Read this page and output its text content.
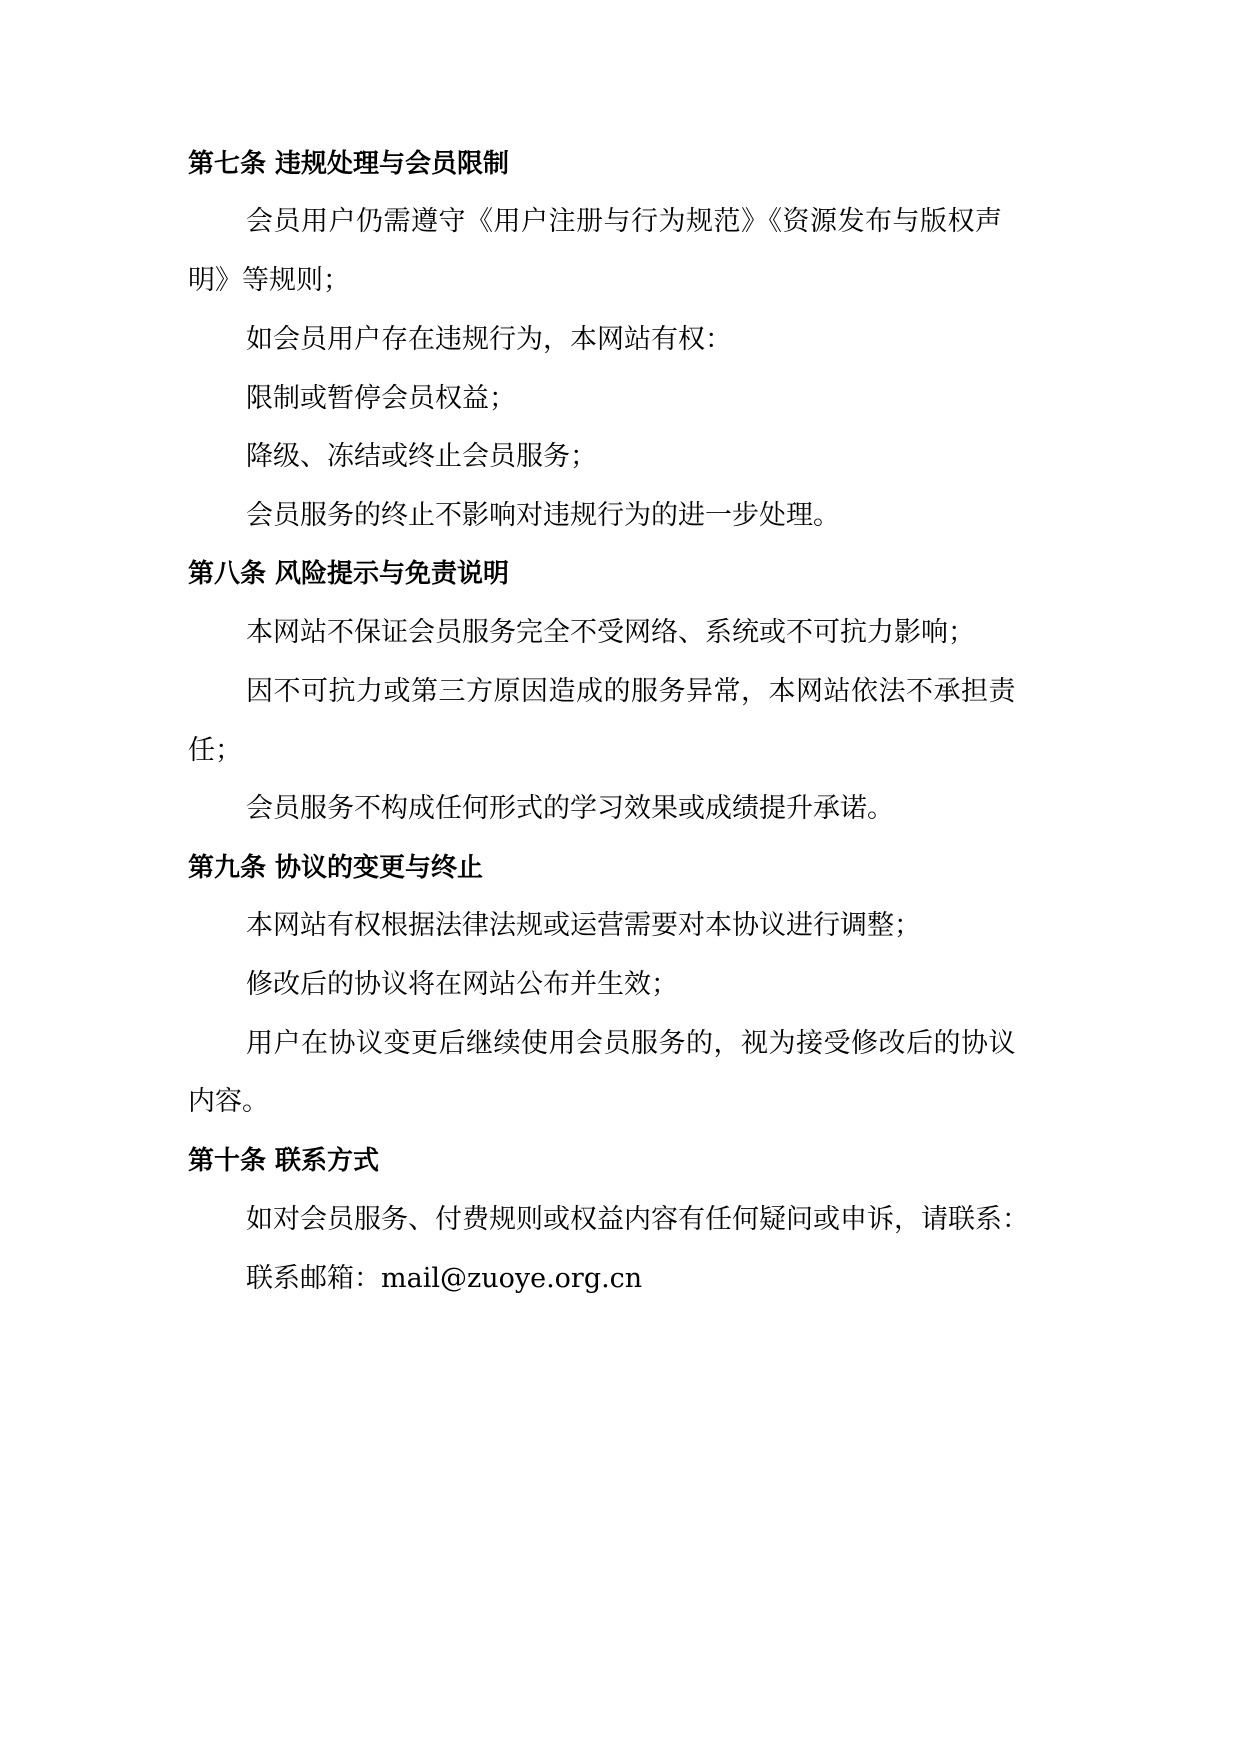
第七条 违规处理与会员限制
会员用户仍需遵守《用户注册与行为规范》《资源发布与版权声
明》等规则；
如会员用户存在违规行为，本网站有权：
限制或暂停会员权益；
降级、冻结或终止会员服务；
会员服务的终止不影响对违规行为的进一步处理。
第八条 风险提示与免责说明
本网站不保证会员服务完全不受网络、系统或不可抗力影响；
因不可抗力或第三方原因造成的服务异常，本网站依法不承担责
任；
会员服务不构成任何形式的学习效果或成绩提升承诺。
第九条 协议的变更与终止
本网站有权根据法律法规或运营需要对本协议进行调整；
修改后的协议将在网站公布并生效；
用户在协议变更后继续使用会员服务的，视为接受修改后的协议
内容。
第十条 联系方式
如对会员服务、付费规则或权益内容有任何疑问或申诉，请联系：
联系邮箱：mail@zuoye.org.cn
